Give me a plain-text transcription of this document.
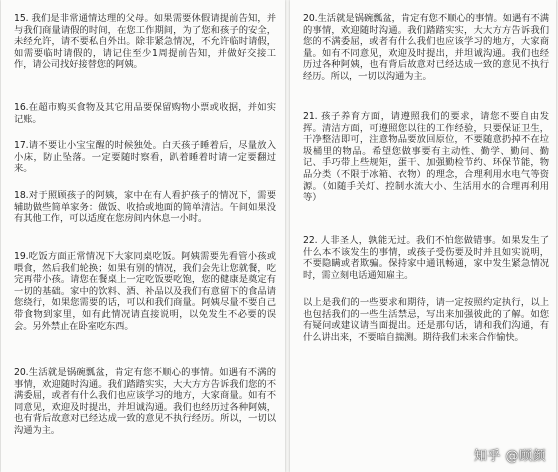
15. 我们是非常通情达理的父母。如果需要休假请提前告知，并与我们商量请假的时间，在您工作期间，为了您和孩子的安全，未经允许，请不要私自外出。除非紧急情况，不允许临时请假，如需要临时请假的，请记住至少1周提前告知，并做好交接工作，请公司找好接替您的阿姨。
16.在超市购买食物及其它用品要保留购物小票或收据，并如实记账。
17.请不要让小宝宝醒的时候独处。白天孩子睡着后，尽量放入小床，防止坠落。一定要随时察看，趴着睡着时请一定要翻过来。
18.对于照顾孩子的阿姨，家中在有人看护孩子的情况下，需要辅助做些简单家务：做饭、收拾或地面的简单清洁。午间如果没有其他工作，可以适度在您房间内休息一小时。
19.吃饭方面正常情况下大家同桌吃饭。阿姨需要先看管小孩或喂食，然后我们轮换；如果有别的情况，我们会先让您就餐，吃完再带小孩。请您在餐桌上一定吃饭要吃饱，您的健康是奠定有一切的基础。家中的饮料、酒、补品以及我们有意留下的食品请您绕行，如果您需要的话，可以和我们商量。阿姨尽量不要自己带食物到家里，如有此情况请直接说明，以免发生不必要的误会。另外禁止在卧室吃东西。
20.生活就是锅碗瓢盆，肯定有您不顺心的事情。如遇有不满的事情，欢迎随时沟通。我们踏踏实实，大大方方告诉我们您的不满委屈，或者有什么我们也应该学习的地方，大家商量。如有不同意见，欢迎及时提出，并坦诚沟通。我们也经历过各种阿姨，也有背后故意对已经达成一致的意见不执行经历。所以，一切以沟通为主。
20.生活就是锅碗瓢盆，肯定有您不顺心的事情。如遇有不满的事情，欢迎随时沟通。我们踏踏实实，大大方方告诉我们您的不满委屈，或者有什么我们也应该学习的地方，大家商量。如有不同意见，欢迎及时提出，并坦诚沟通。我们也经历过各种阿姨，也有背后故意对已经达成一致的意见不执行经历。所以，一切以沟通为主。
21. 孩子养育方面，请遵照我们的要求，请您不要自由发挥。清洁方面，可遵照您以往的工作经验，只要保证卫生，干净整洁即可，注意物品要放回原位，不要随意扔掉不在垃圾桶里的物品。希望您做事要有主动性、勤学、勤问、勤记、手巧带上些规矩，蛋干、加强勤检节约、环保节能，物品分类（不限于冰箱、衣物）的理念，合理利用水电气等资源。（如随手关灯、控制水流大小、生活用水的合理再利用等）
22. 人非圣人，孰能无过。我们不怕您做错事。如果发生了什么本不该发生的事情，或孩子受伤要及时并且如实说明，不要隐瞒或者欺骗。保持家中通讯畅通，家中发生紧急情况时，需立刻电话通知雇主。
以上是我们的一些要求和期待，请一定按照约定执行，以上也包括我们的一些生活禁忌，写出来加强彼此的了解。如您有疑问或建议请当面提出。还是那句话，请和我们沟通，有什么讲出来，不要暗自揣测。期待我们未来合作愉快。
知乎 @顾颜
